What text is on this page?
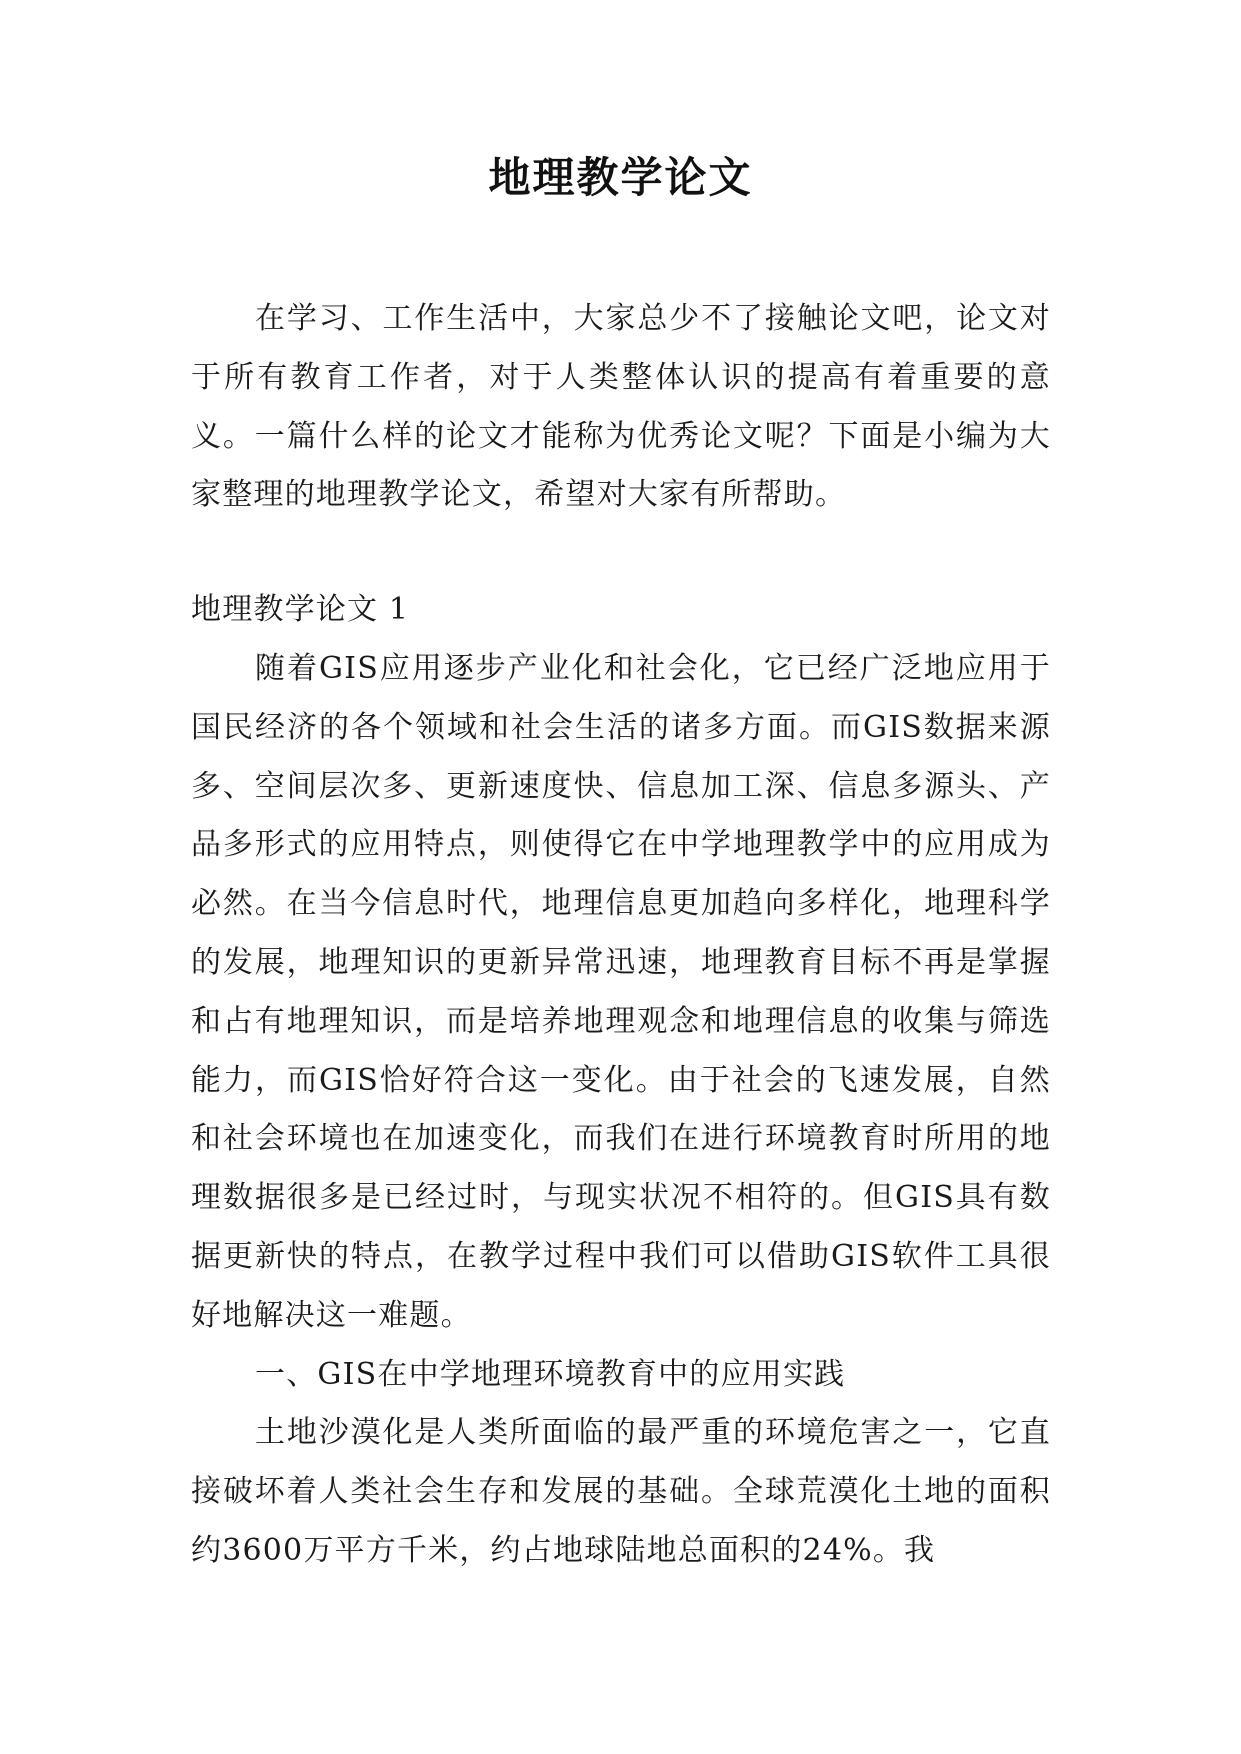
地理教学论文

在学习、工作生活中，大家总少不了接触论文吧，论文对于所有教育工作者，对于人类整体认识的提高有着重要的意义。一篇什么样的论文才能称为优秀论文呢？下面是小编为大家整理的地理教学论文，希望对大家有所帮助。

地理教学论文 1

随着GIS应用逐步产业化和社会化，它已经广泛地应用于国民经济的各个领域和社会生活的诸多方面。而GIS数据来源多、空间层次多、更新速度快、信息加工深、信息多源头、产品多形式的应用特点，则使得它在中学地理教学中的应用成为必然。在当今信息时代，地理信息更加趋向多样化，地理科学的发展，地理知识的更新异常迅速，地理教育目标不再是掌握和占有地理知识，而是培养地理观念和地理信息的收集与筛选能力，而GIS恰好符合这一变化。由于社会的飞速发展，自然和社会环境也在加速变化，而我们在进行环境教育时所用的地理数据很多是已经过时，与现实状况不相符的。但GIS具有数据更新快的特点，在教学过程中我们可以借助GIS软件工具很好地解决这一难题。

一、GIS在中学地理环境教育中的应用实践

土地沙漠化是人类所面临的最严重的环境危害之一，它直接破坏着人类社会生存和发展的基础。全球荒漠化土地的面积约3600万平方千米，约占地球陆地总面积的24%。我
